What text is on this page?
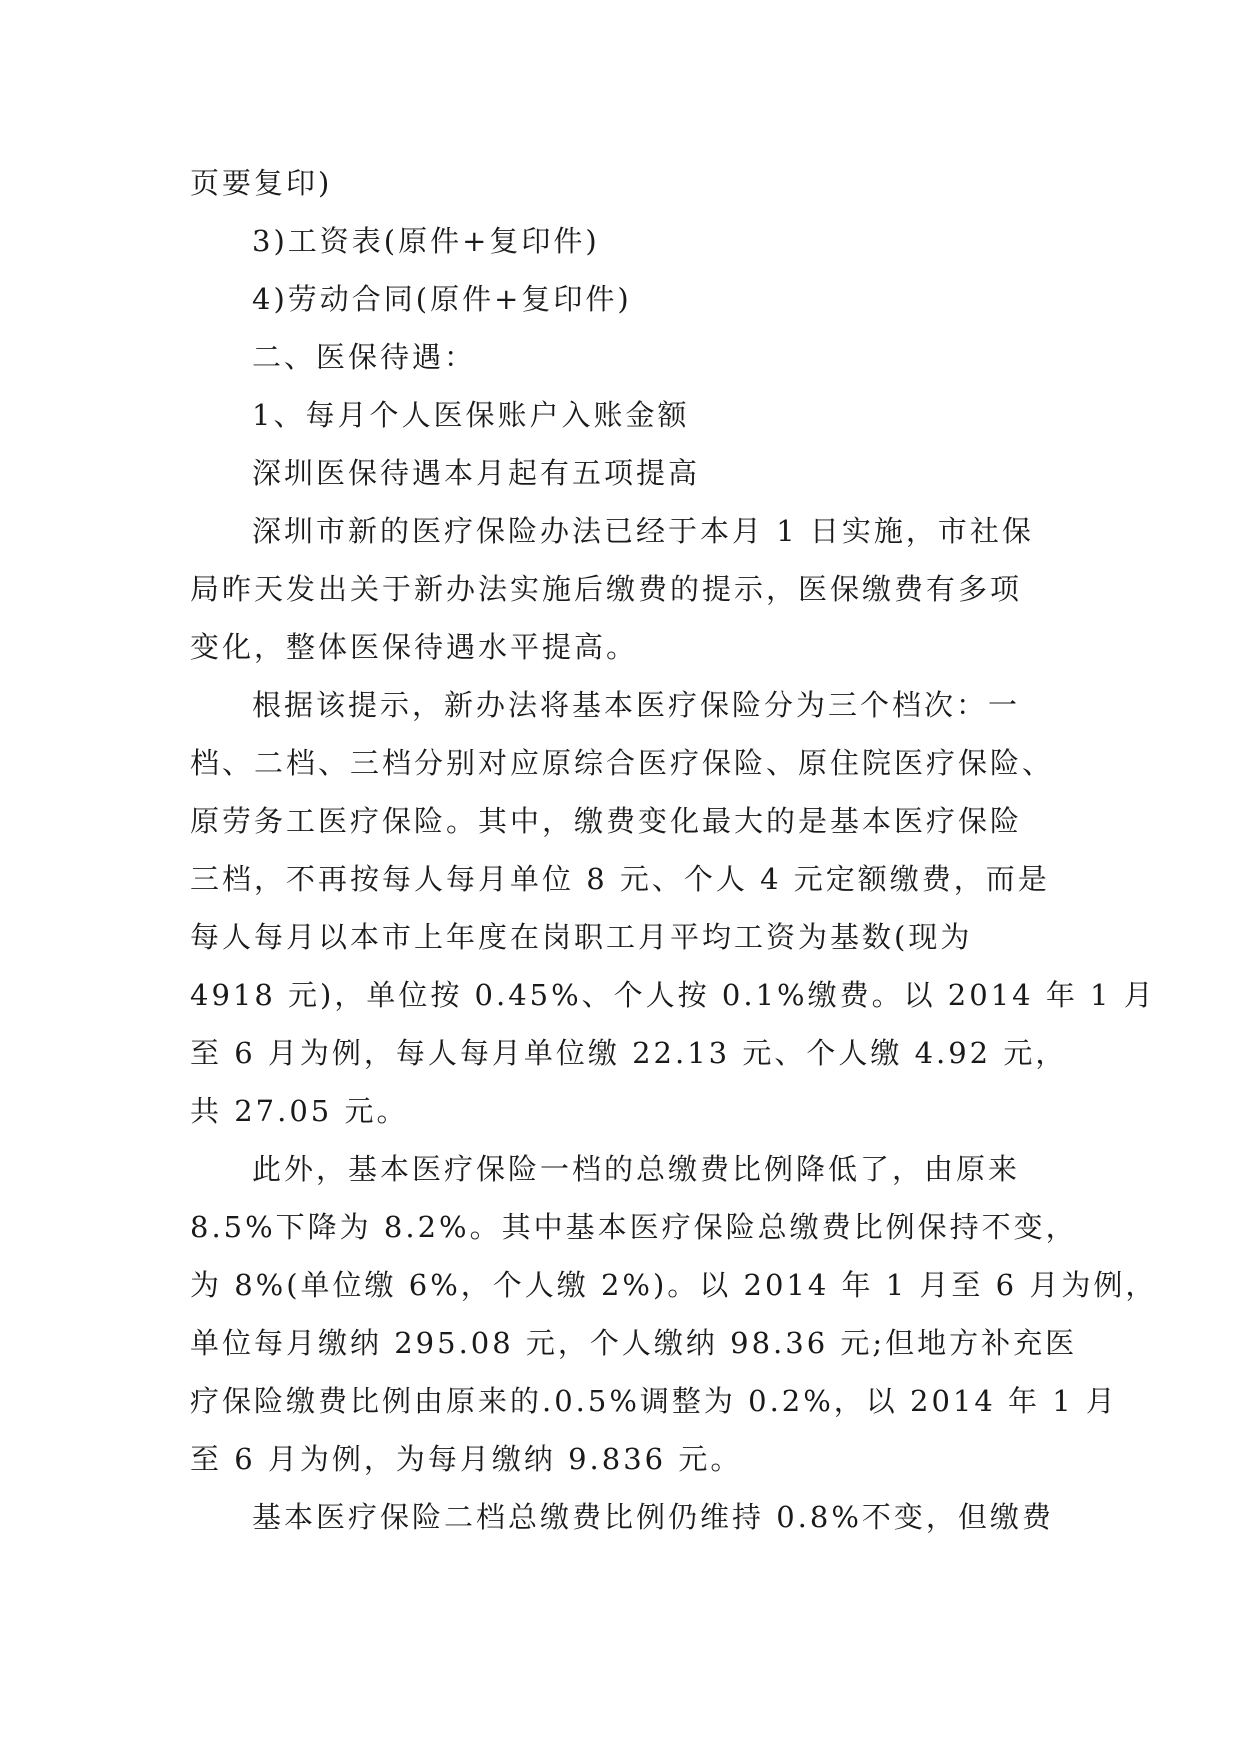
页要复印)
3)工资表(原件+复印件)
4)劳动合同(原件+复印件)
二、医保待遇：
1、每月个人医保账户入账金额
深圳医保待遇本月起有五项提高
深圳市新的医疗保险办法已经于本月 1 日实施，市社保
局昨天发出关于新办法实施后缴费的提示，医保缴费有多项
变化，整体医保待遇水平提高。
根据该提示，新办法将基本医疗保险分为三个档次：一
档、二档、三档分别对应原综合医疗保险、原住院医疗保险、
原劳务工医疗保险。其中，缴费变化最大的是基本医疗保险
三档，不再按每人每月单位 8 元、个人 4 元定额缴费，而是
每人每月以本市上年度在岗职工月平均工资为基数(现为
4918 元)，单位按 0.45%、个人按 0.1%缴费。以 2014 年 1 月
至 6 月为例，每人每月单位缴 22.13 元、个人缴 4.92 元，
共 27.05 元。
此外，基本医疗保险一档的总缴费比例降低了，由原来
8.5%下降为 8.2%。其中基本医疗保险总缴费比例保持不变，
为 8%(单位缴 6%，个人缴 2%)。以 2014 年 1 月至 6 月为例，
单位每月缴纳 295.08 元，个人缴纳 98.36 元;但地方补充医
疗保险缴费比例由原来的.0.5%调整为 0.2%，以 2014 年 1 月
至 6 月为例，为每月缴纳 9.836 元。
基本医疗保险二档总缴费比例仍维持 0.8%不变，但缴费
